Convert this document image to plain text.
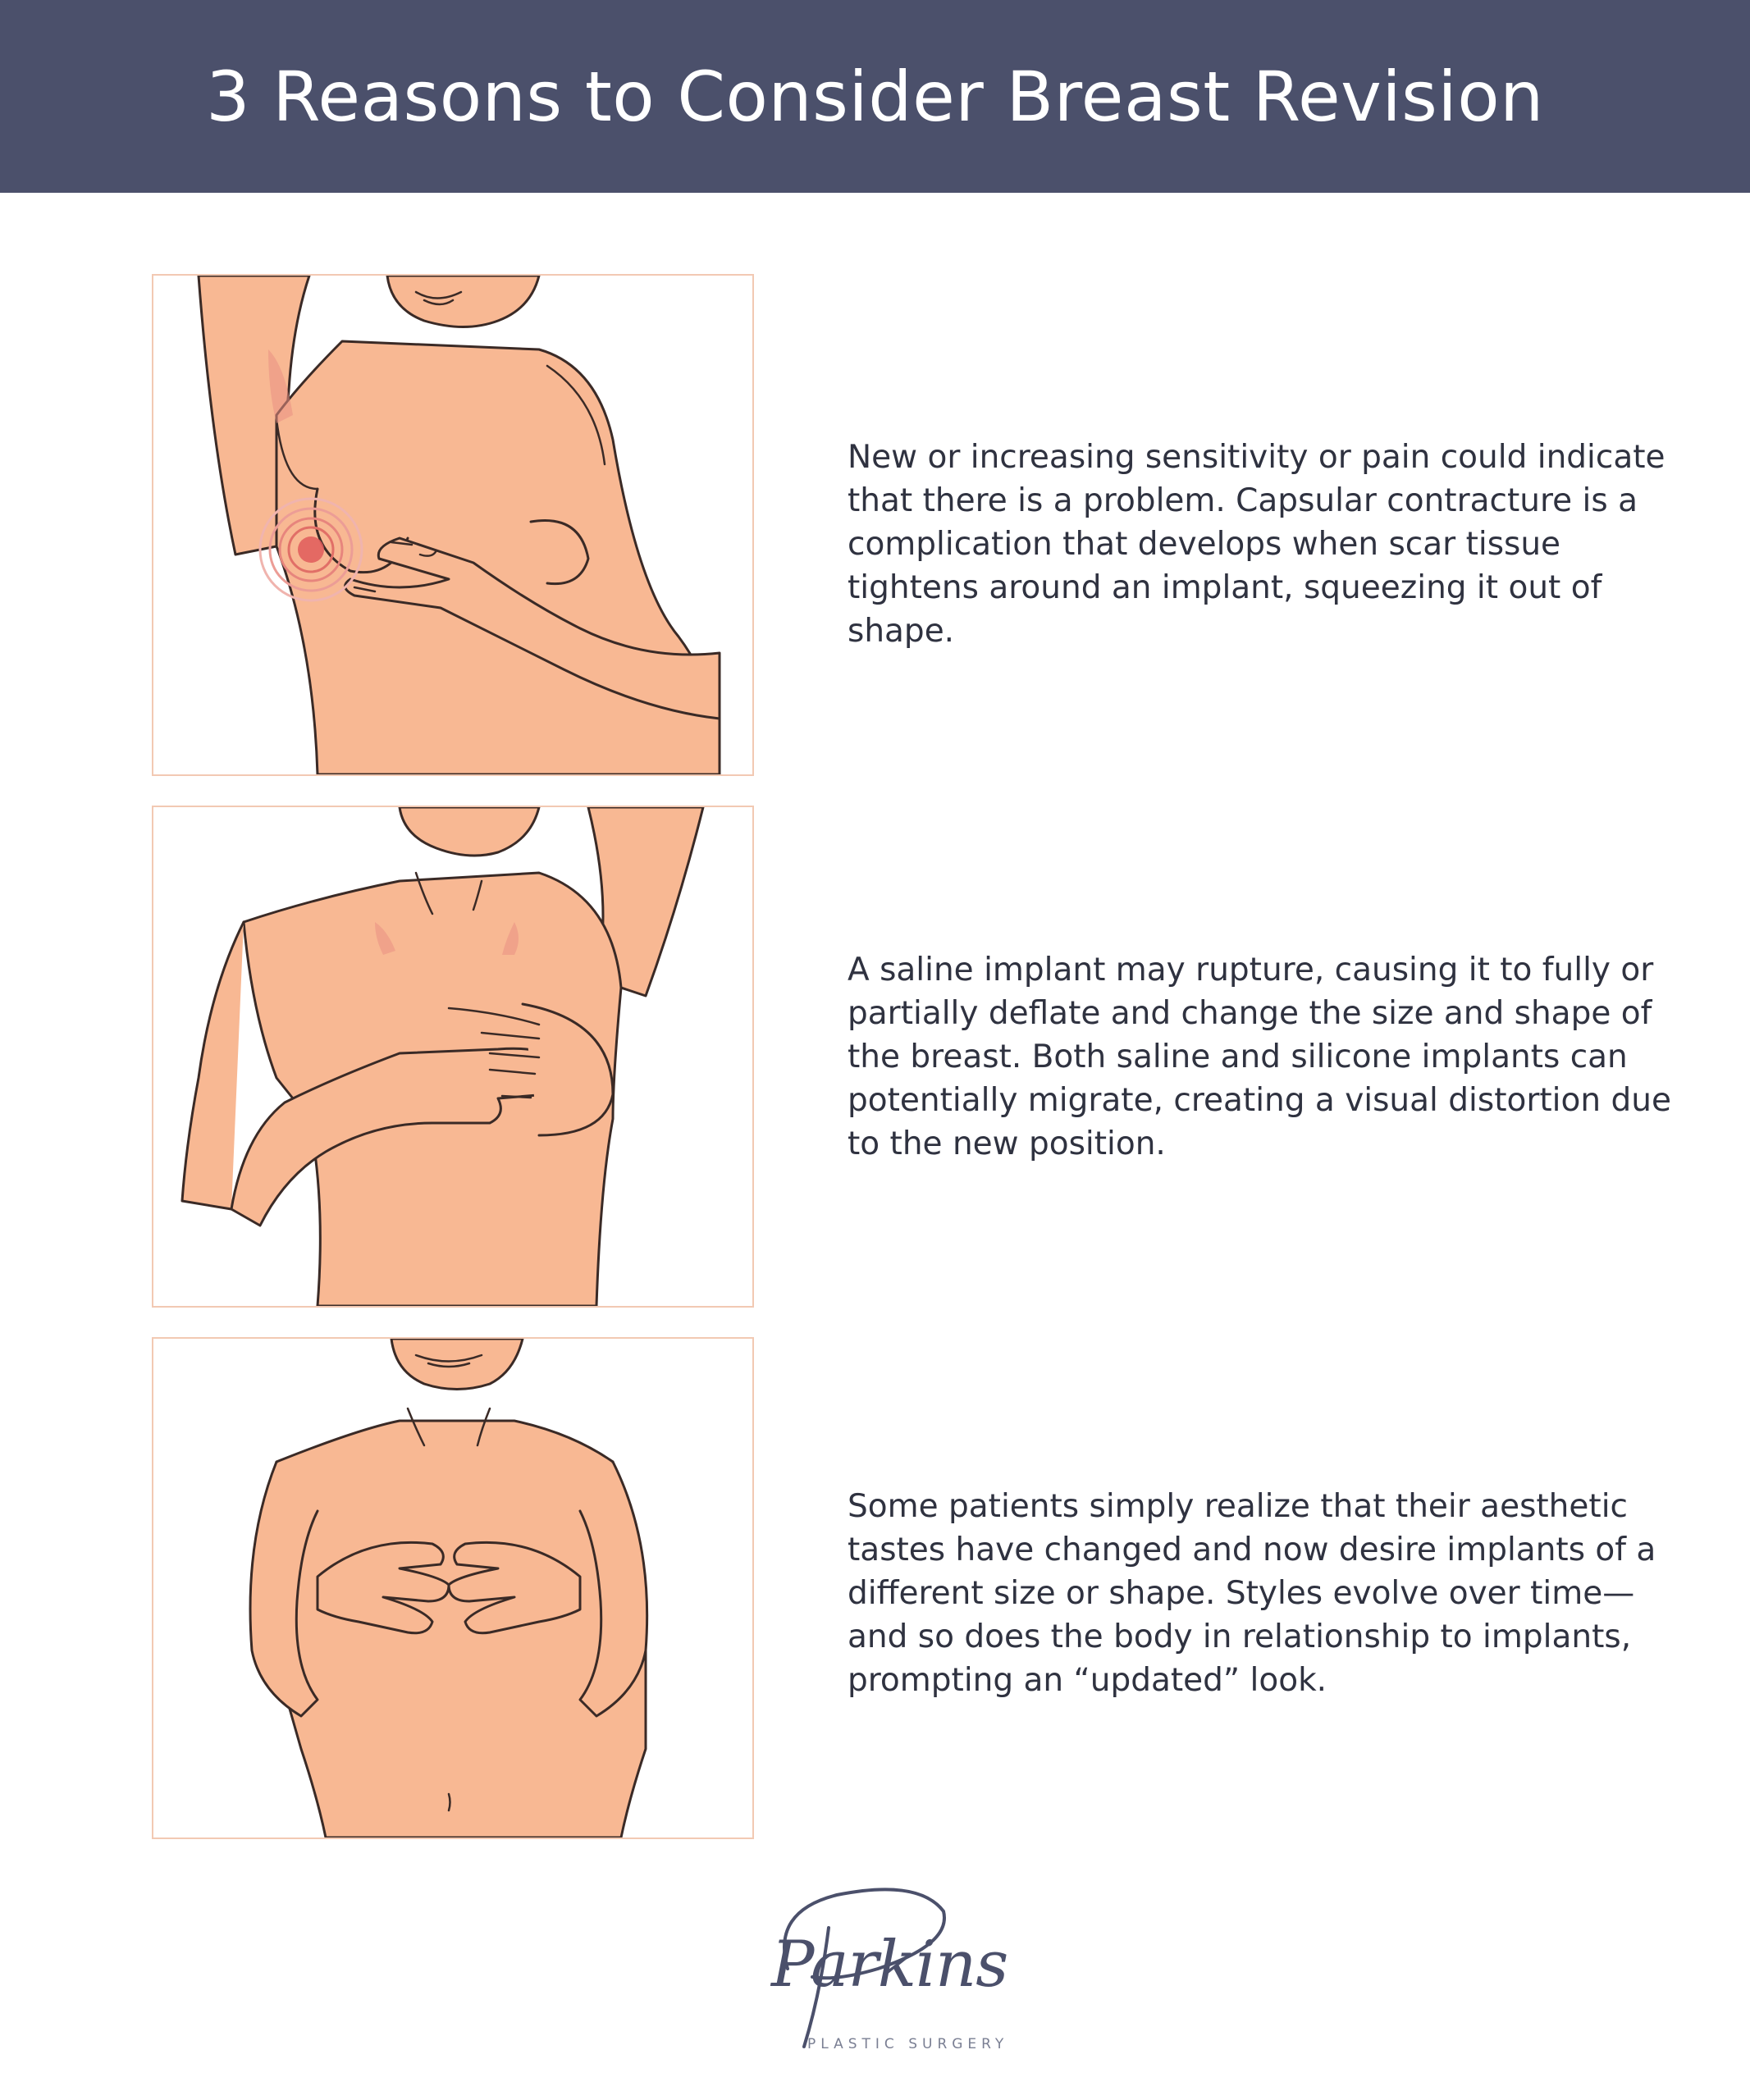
3 Reasons to Consider Breast Revision

New or increasing sensitivity or pain could indicate that there is a problem. Capsular contracture is a complication that develops when scar tissue tightens around an implant, squeezing it out of shape.

A saline implant may rupture, causing it to fully or partially deflate and change the size and shape of the breast. Both saline and silicone implants can potentially migrate, creating a visual distortion due to the new position.

Some patients simply realize that their aesthetic tastes have changed and now desire implants of a different size or shape. Styles evolve over time—and so does the body in relationship to implants, prompting an “updated” look.

Parkins
PLASTIC SURGERY
